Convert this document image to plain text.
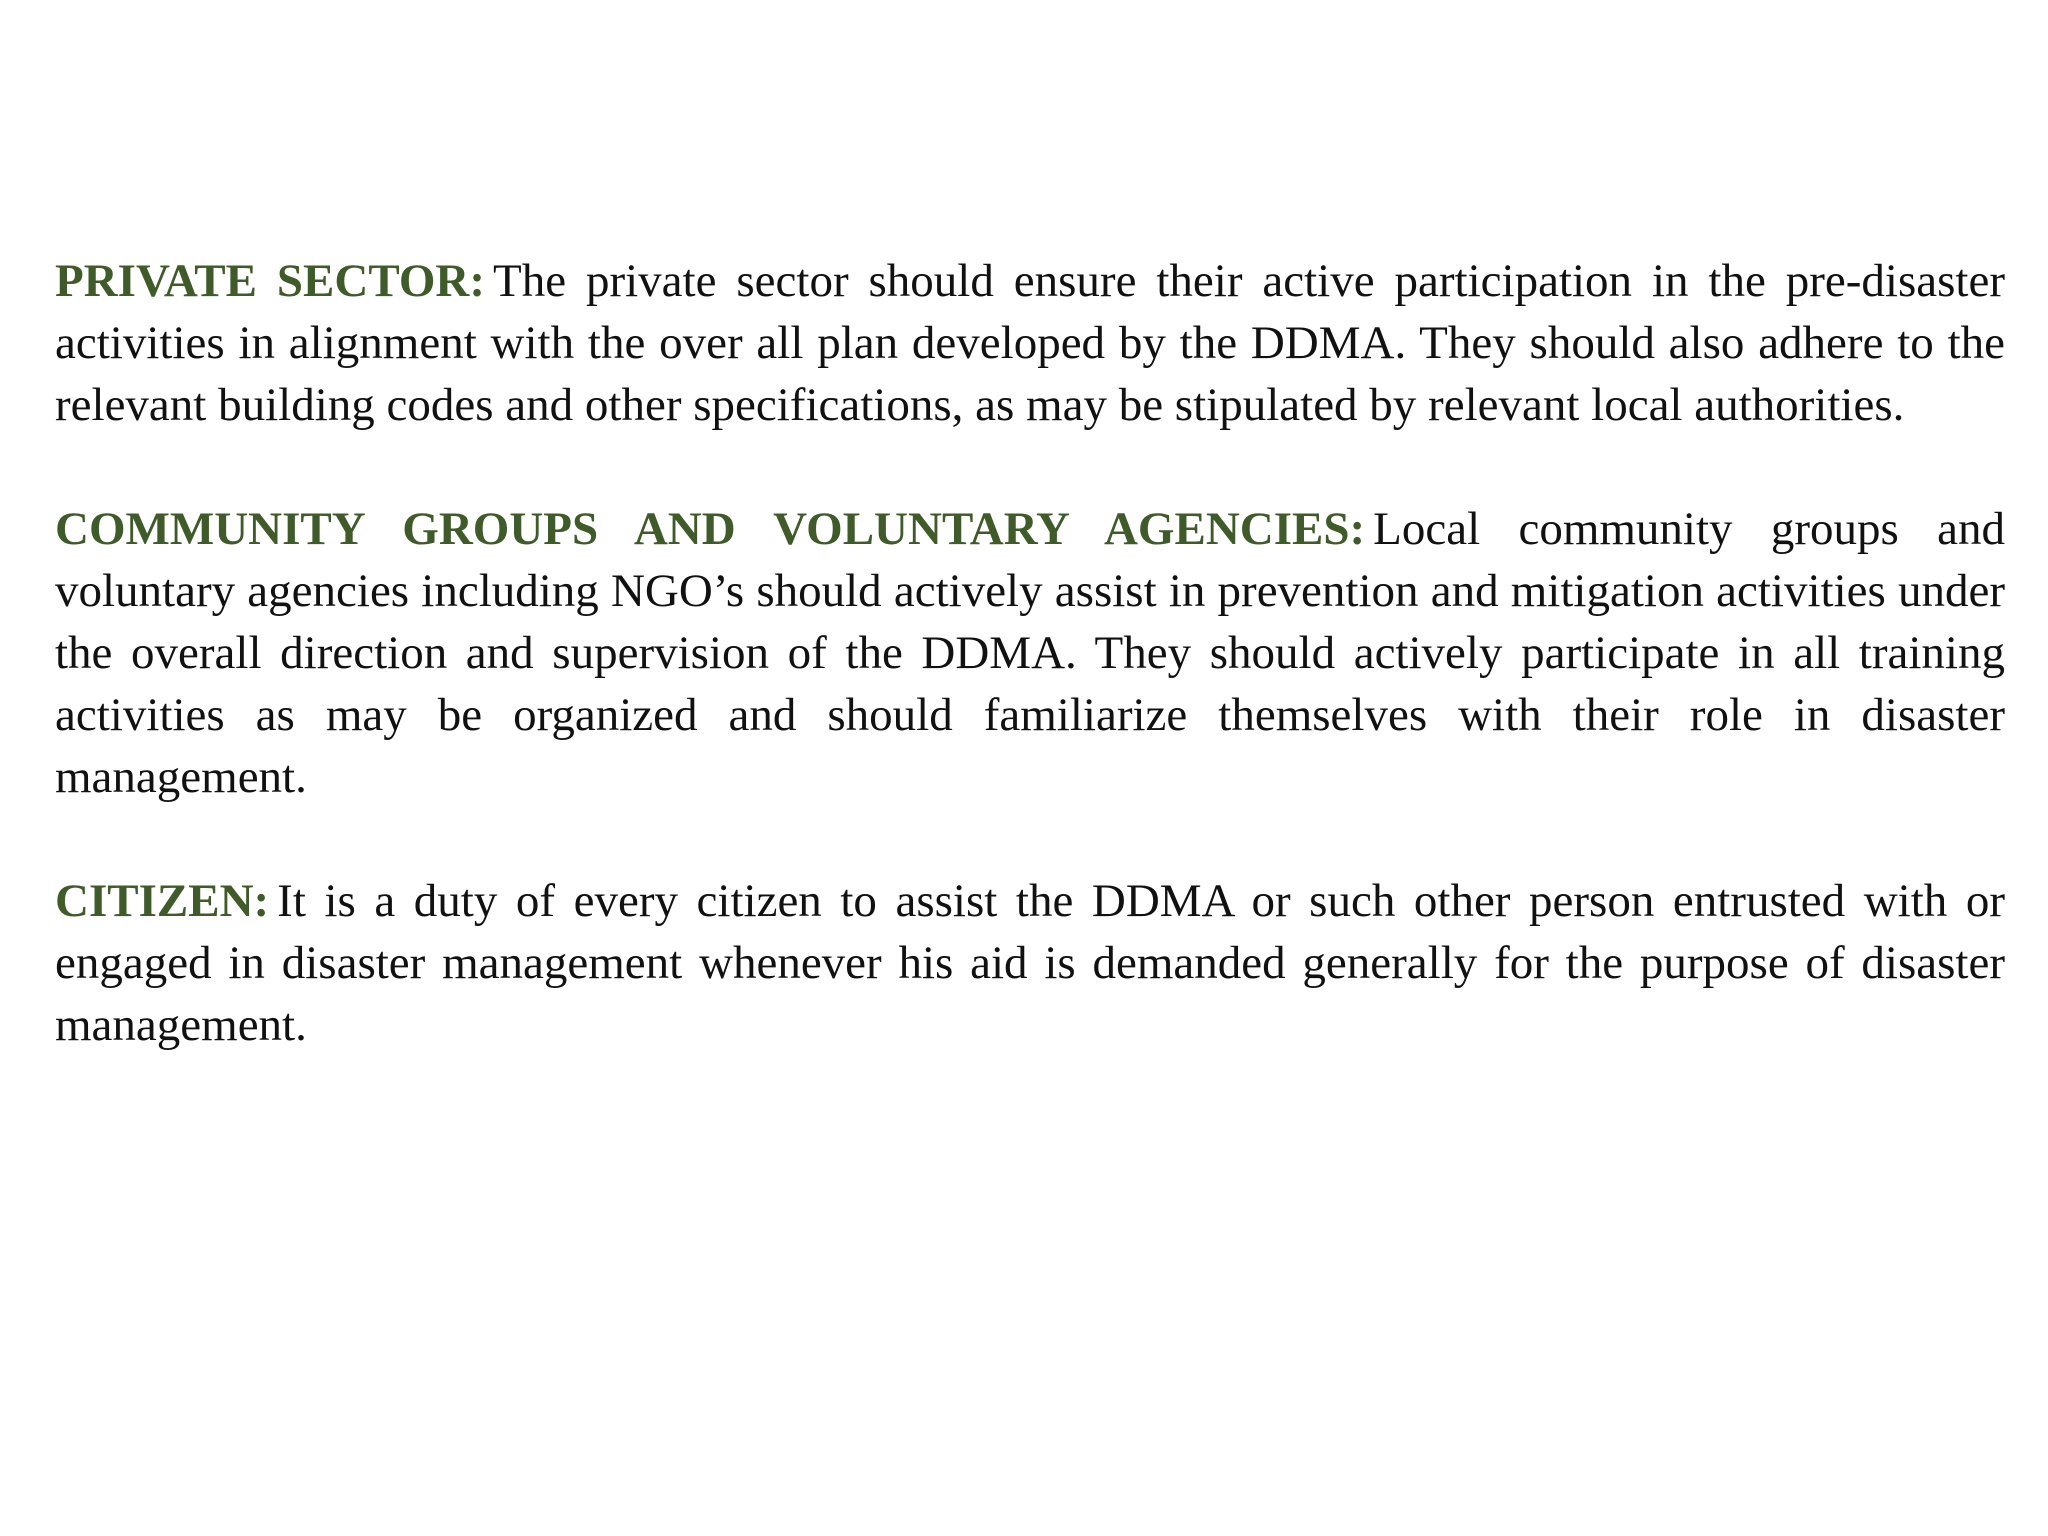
PRIVATE SECTOR: The private sector should ensure their active participation in the pre-disaster activities in alignment with the over all plan developed by the DDMA. They should also adhere to the relevant building codes and other specifications, as may be stipulated by relevant local authorities.

COMMUNITY GROUPS AND VOLUNTARY AGENCIES: Local community groups and voluntary agencies including NGO’s should actively assist in prevention and mitigation activities under the overall direction and supervision of the DDMA. They should actively participate in all training activities as may be organized and should familiarize themselves with their role in disaster management.

CITIZEN: It is a duty of every citizen to assist the DDMA or such other person entrusted with or engaged in disaster management whenever his aid is demanded generally for the purpose of disaster management.
